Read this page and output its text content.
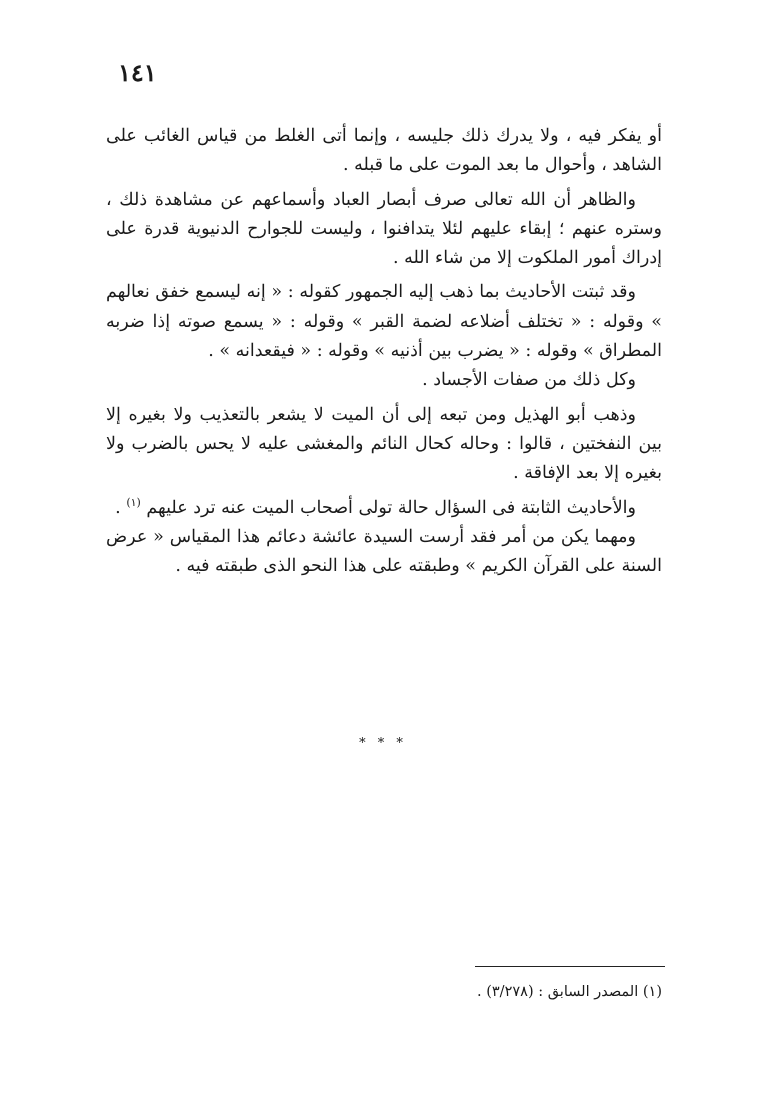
١٤١

أو يفكر فيه ، ولا يدرك ذلك جليسه ، وإنما أتى الغلط من قياس الغائب على الشاهد ، وأحوال ما بعد الموت على ما قبله .

والظاهر أن الله تعالى صرف أبصار العباد وأسماعهم عن مشاهدة ذلك ، وستره عنهم ؛ إبقاء عليهم لئلا يتدافنوا ، وليست للجوارح الدنيوية قدرة على إدراك أمور الملكوت إلا من شاء الله .

وقد ثبتت الأحاديث بما ذهب إليه الجمهور كقوله : « إنه ليسمع خفق نعالهم » وقوله : « تختلف أضلاعه لضمة القبر » وقوله : « يسمع صوته إذا ضربه المطراق » وقوله : « يضرب بين أذنيه » وقوله : « فيقعدانه » .

وكل ذلك من صفات الأجساد .

وذهب أبو الهذيل ومن تبعه إلى أن الميت لا يشعر بالتعذيب ولا بغيره إلا بين النفختين ، قالوا : وحاله كحال النائم والمغشى عليه لا يحس بالضرب ولا بغيره إلا بعد الإفاقة .

والأحاديث الثابتة فى السؤال حالة تولى أصحاب الميت عنه ترد عليهم $^{(١)}$ .

ومهما يكن من أمر فقد أرست السيدة عائشة دعائم هذا المقياس « عرض السنة على القرآن الكريم » وطبقته على هذا النحو الذى طبقته فيه .

* * *
(١) المصدر السابق : (٣/٢٧٨) .
